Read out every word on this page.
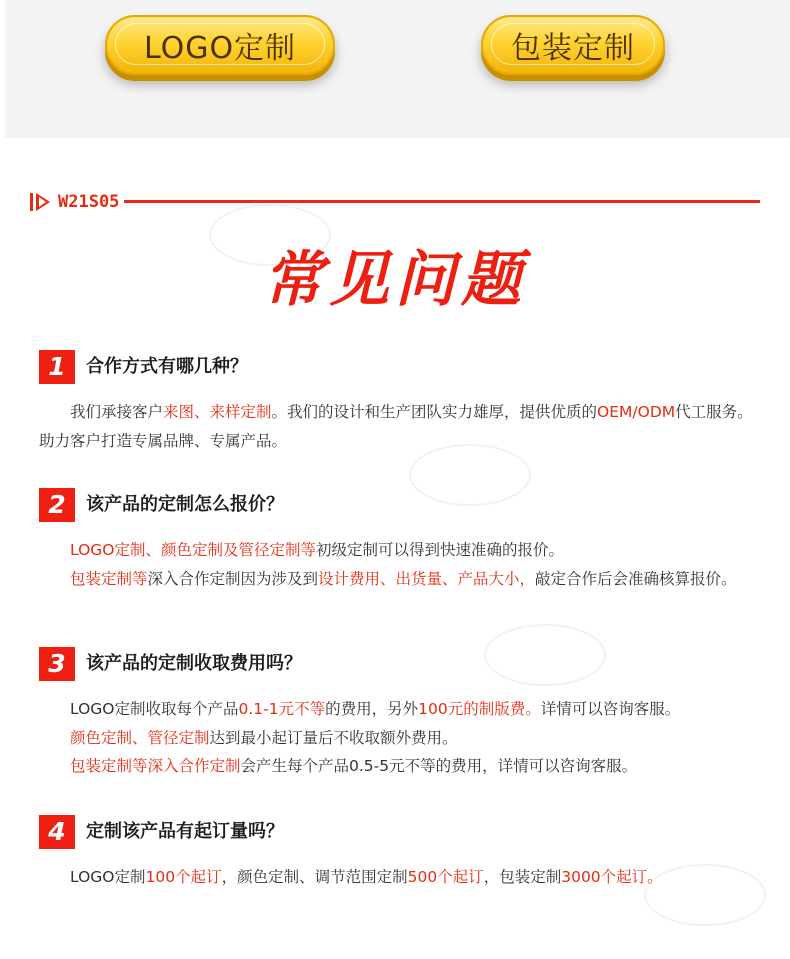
LOGO定制	包装定制
W21S05
常见问题
1	合作方式有哪几种？

我们承接客户来图、来样定制。我们的设计和生产团队实力雄厚，提供优质的OEM/ODM代工服务。助力客户打造专属品牌、专属产品。

2	该产品的定制怎么报价？

LOGO定制、颜色定制及管径定制等初级定制可以得到快速准确的报价。

包装定制等深入合作定制因为涉及到设计费用、出货量、产品大小，敲定合作后会准确核算报价。

3	该产品的定制收取费用吗？

LOGO定制收取每个产品0.1-1元不等的费用，另外100元的制版费。详情可以咨询客服。

颜色定制、管径定制达到最小起订量后不收取额外费用。

包装定制等深入合作定制会产生每个产品0.5-5元不等的费用，详情可以咨询客服。

4	定制该产品有起订量吗？

LOGO定制100个起订，颜色定制、调节范围定制500个起订，包装定制3000个起订。
